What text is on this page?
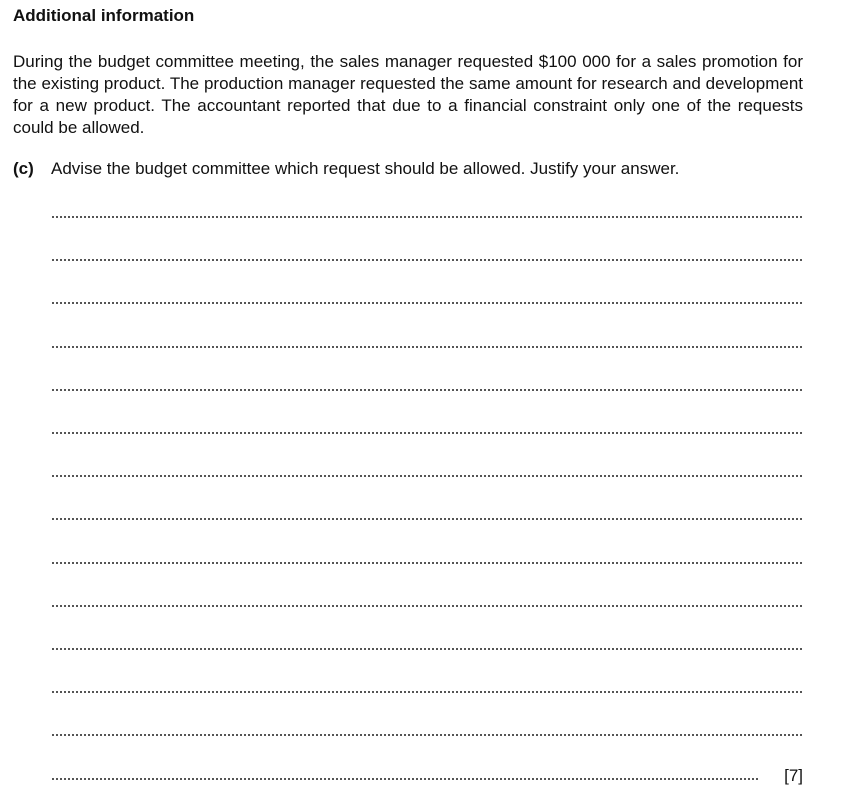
Additional information

During the budget committee meeting, the sales manager requested $100 000 for a sales promotion for the existing product. The production manager requested the same amount for research and development for a new product. The accountant reported that due to a financial constraint only one of the requests could be allowed.

(c) Advise the budget committee which request should be allowed. Justify your answer.

[7]
